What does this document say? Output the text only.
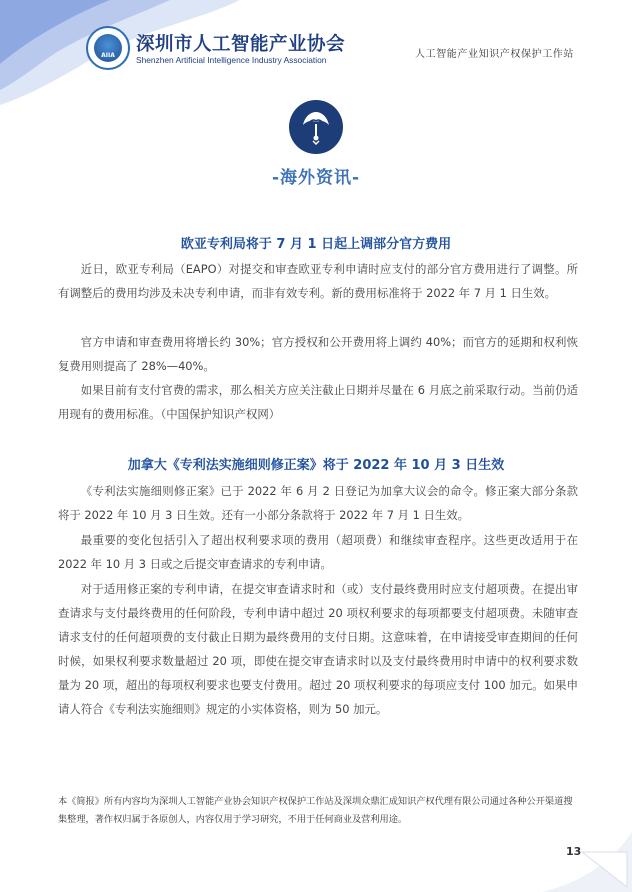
AIIA
深圳市人工智能产业协会
Shenzhen Artificial Intelligence Industry Association	人工智能产业知识产权保护工作站
-海外资讯-
欧亚专利局将于 7 月 1 日起上调部分官方费用

近日，欧亚专利局（EAPO）对提交和审查欧亚专利申请时应支付的部分官方费用进行了调整。所有调整后的费用均涉及未决专利申请，而非有效专利。新的费用标准将于 2022 年 7 月 1 日生效。

官方申请和审查费用将增长约 30%；官方授权和公开费用将上调约 40%；而官方的延期和权利恢复费用则提高了 28%—40%。

如果目前有支付官费的需求，那么相关方应关注截止日期并尽量在 6 月底之前采取行动。当前仍适用现有的费用标准。（中国保护知识产权网）

加拿大《专利法实施细则修正案》将于 2022 年 10 月 3 日生效

《专利法实施细则修正案》已于 2022 年 6 月 2 日登记为加拿大议会的命令。修正案大部分条款将于 2022 年 10 月 3 日生效。还有一小部分条款将于 2022 年 7 月 1 日生效。

最重要的变化包括引入了超出权利要求项的费用（超项费）和继续审查程序。这些更改适用于在 2022 年 10 月 3 日或之后提交审查请求的专利申请。

对于适用修正案的专利申请，在提交审查请求时和（或）支付最终费用时应支付超项费。在提出审查请求与支付最终费用的任何阶段，专利申请中超过 20 项权利要求的每项都要支付超项费。未随审查请求支付的任何超项费的支付截止日期为最终费用的支付日期。这意味着，在申请接受审查期间的任何时候，如果权利要求数量超过 20 项，即使在提交审查请求时以及支付最终费用时申请中的权利要求数量为 20 项，超出的每项权利要求也要支付费用。超过 20 项权利要求的每项应支付 100 加元。如果申请人符合《专利法实施细则》规定的小实体资格，则为 50 加元。

本《简报》所有内容均为深圳人工智能产业协会知识产权保护工作站及深圳众鼎汇成知识产权代理有限公司通过各种公开渠道搜集整理，著作权归属于各原创人，内容仅用于学习研究，不用于任何商业及营利用途。

13
